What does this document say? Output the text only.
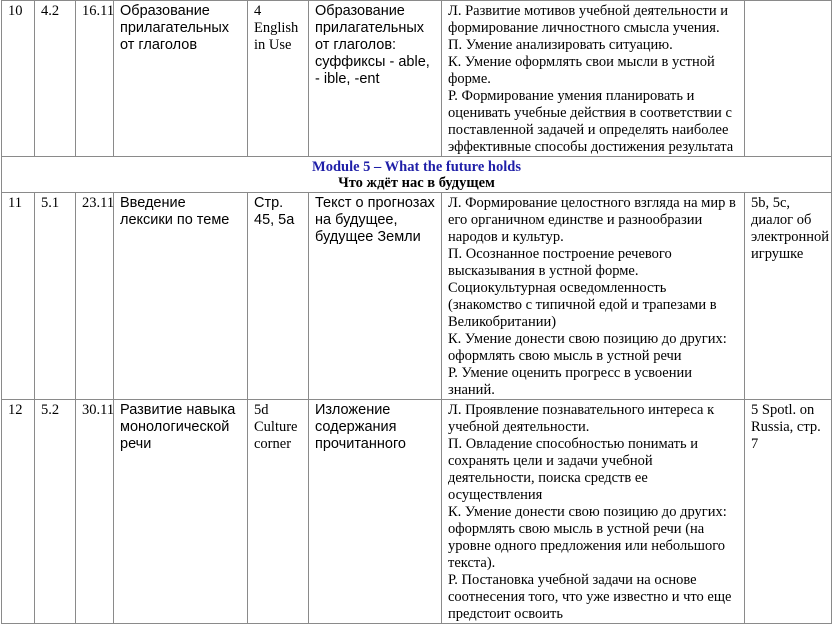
10	4.2	16.11	Образование прилагательных от глаголов	4 English in Use	Образование прилагательных от глаголов: суффиксы - able, - ible, -ent	Л. Развитие мотивов учебной деятельности и формирование личностного смысла учения.
П. Умение анализировать ситуацию.
К. Умение оформлять свои мысли в устной форме.
Р. Формирование умения планировать и оценивать учебные действия в соответствии с поставленной задачей и определять наиболее эффективные способы достижения результата	

Module 5 – What the future holds
Что ждёт нас в будущем							

11	5.1	23.11	Введение лексики по теме	Стр. 45, 5а	Текст о прогнозах на будущее, будущее Земли	Л. Формирование целостного взгляда на мир в его органичном единстве и разнообразии народов и культур.
П. Осознанное построение речевого высказывания в устной форме. Социокультурная осведомленность (знакомство с типичной едой и трапезами в Великобритании)
К. Умение донести свою позицию до других: оформлять свою мысль в устной речи
Р. Умение оценить прогресс в усвоении знаний.	5b, 5c, диалог об электронной игрушке
12	5.2	30.11	Развитие навыка монологической речи	5d Culture corner	Изложение содержания прочитанного	Л. Проявление познавательного интереса к учебной деятельности.
П. Овладение способностью понимать и сохранять цели и задачи учебной деятельности, поиска средств ее осуществления
К. Умение донести свою позицию до других: оформлять свою мысль в устной речи (на уровне одного предложения или небольшого текста).
Р. Постановка учебной задачи на основе соотнесения того, что уже известно и что еще предстоит освоить	5 Spotl. on Russia, стр. 7
